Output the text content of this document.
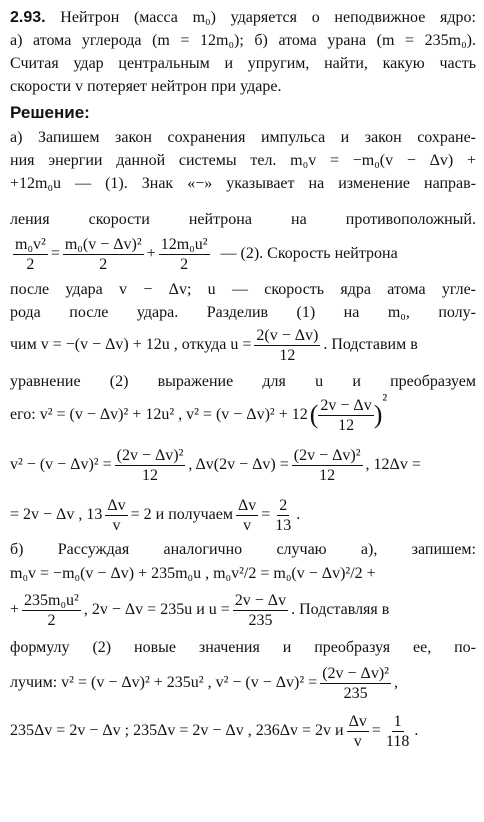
2.93. Нейтрон (масса m₀) ударяется о неподвижное ядро:
а) атома углерода (m = 12m₀); б) атома урана (m = 235m₀).
Считая удар центральным и упругим, найти, какую часть
скорости v потеряет нейтрон при ударе.
Решение:
а) Запишем закон сохранения импульса и закон сохране-
ния энергии данной системы тел. m₀v = −m₀(v − Δv) +
+12m₀u — (1). Знак «−» указывает на изменение направ-
ления скорости нейтрона на противоположный.
$\frac{\text{m₀v²}}{2} = \frac{\text{m₀(v − Δv)²}}{2} + \frac{\text{12m₀u²}}{2}$ — (2). Скорость нейтрона
после удара v − Δv; u — скорость ядра атома угле-
рода после удара. Разделив (1) на m₀, полу-
чим v = −(v − Δv) + 12u , откуда $u = \frac{2(v - \Delta v)}{12}$ . Подставим в
уравнение (2) выражение для u и преобразуем
его: v² = (v − Δv)² + 12u² , v² = (v − Δv)² + 12 ( $\frac{2v - \Delta v}{12}$ ) ²
$v^2 - (v - \Delta v)^2 = \frac{\text{(2v − Δv)²}}{12}$ , $\Delta v(2v - \Delta v) = \frac{\text{(2v − Δv)²}}{12}$ , 12Δv =
= 2v − Δv , $13 \frac{\Delta v}{v} = 2$ и получаем $\frac{\Delta v}{v} = \frac{2}{13}$ .
б) Рассуждая аналогично случаю а), запишем:
m₀v = −m₀(v − Δv) + 235m₀u , m₀v²/2 = m₀(v − Δv)²/2 +
+ $\frac{\text{235m₀u²}}{2}$ , 2v − Δv = 235u и $u = \frac{2v - \Delta v}{235}$ . Подставляя в
формулу (2) новые значения и преобразуя ее, по-
лучим: v² = (v − Δv)² + 235u² , $v^2 - (v - \Delta v)^2 = \frac{\text{(2v − Δv)²}}{235}$ ,
235Δv = 2v − Δv ; 235Δv = 2v − Δv , 236Δv = 2v и $\frac{\Delta v}{v} = \frac{1}{118}$ .
